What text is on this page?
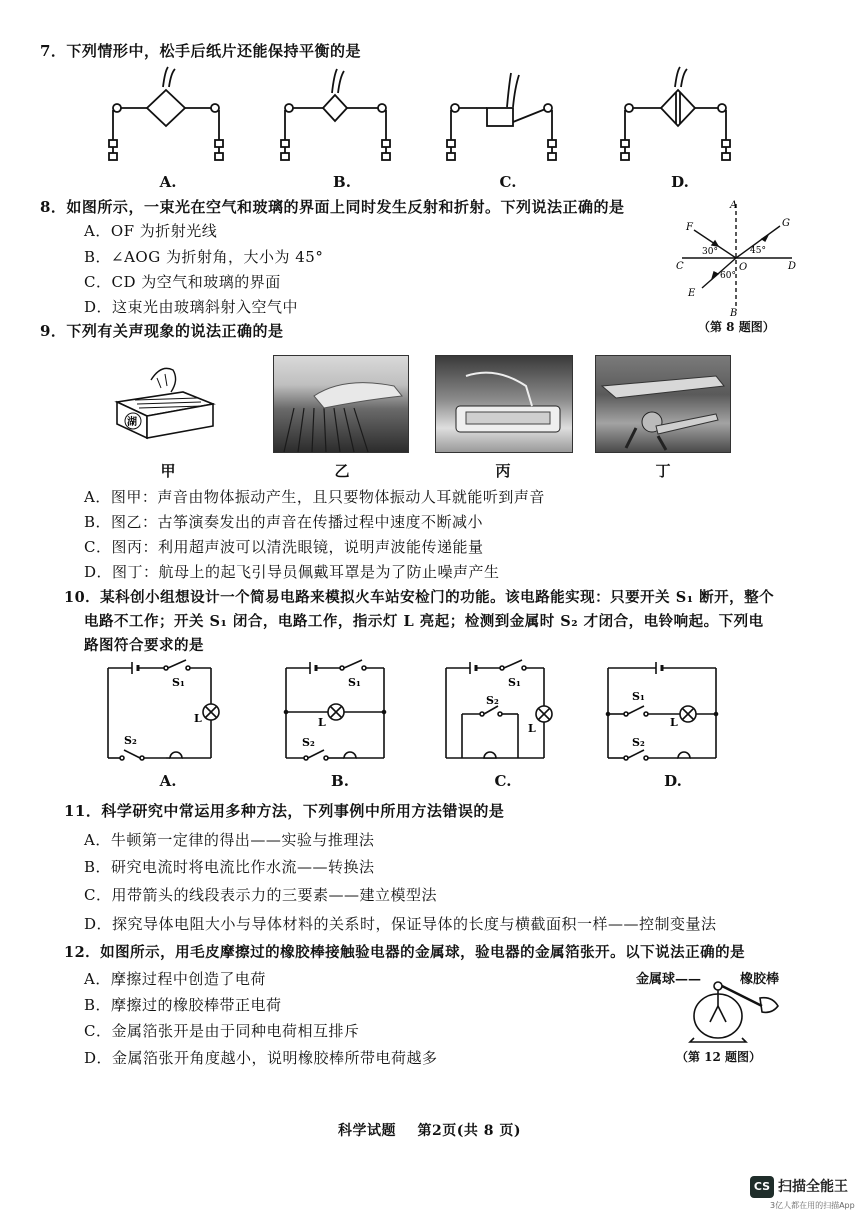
7．下列情形中，松手后纸片还能保持平衡的是
A.	B.	C.	D.
8．如图所示，一束光在空气和玻璃的界面上同时发生反射和折射。下列说法正确的是
A．OF 为折射光线
B．∠AOG 为折射角，大小为 45°
C．CD 为空气和玻璃的界面
D．这束光由玻璃斜射入空气中
A
F	G
C	O	D
E
B
30°	45°
60°
（第 8 题图）
9．下列有关声现象的说法正确的是
湖
甲	乙	丙	丁
A．图甲：声音由物体振动产生，且只要物体振动人耳就能听到声音
B．图乙：古筝演奏发出的声音在传播过程中速度不断减小
C．图丙：利用超声波可以清洗眼镜，说明声波能传递能量
D．图丁：航母上的起飞引导员佩戴耳罩是为了防止噪声产生
10．某科创小组想设计一个简易电路来模拟火车站安检门的功能。该电路能实现：只要开关 S₁ 断开，整个
电路不工作；开关 S₁ 闭合，电路工作，指示灯 L 亮起；检测到金属时 S₂ 才闭合，电铃响起。下列电
路图符合要求的是
S₁
L
S₂
S₁
L
S₂
S₁
L
S₂	S₁
L
S₂
A.	B.	C.	D.
11．科学研究中常运用多种方法，下列事例中所用方法错误的是
A．牛顿第一定律的得出——实验与推理法
B．研究电流时将电流比作水流——转换法
C．用带箭头的线段表示力的三要素——建立模型法
D．探究导体电阻大小与导体材料的关系时，保证导体的长度与横截面积一样——控制变量法
12．如图所示，用毛皮摩擦过的橡胶棒接触验电器的金属球，验电器的金属箔张开。以下说法正确的是
A．摩擦过程中创造了电荷
B．摩擦过的橡胶棒带正电荷
C．金属箔张开是由于同种电荷相互排斥
D．金属箔张开角度越小，说明橡胶棒所带电荷越多
金属球——	橡胶棒
（第 12 题图）
科学试题    第2页(共 8 页)
CS 扫描全能王
3亿人都在用的扫描App
